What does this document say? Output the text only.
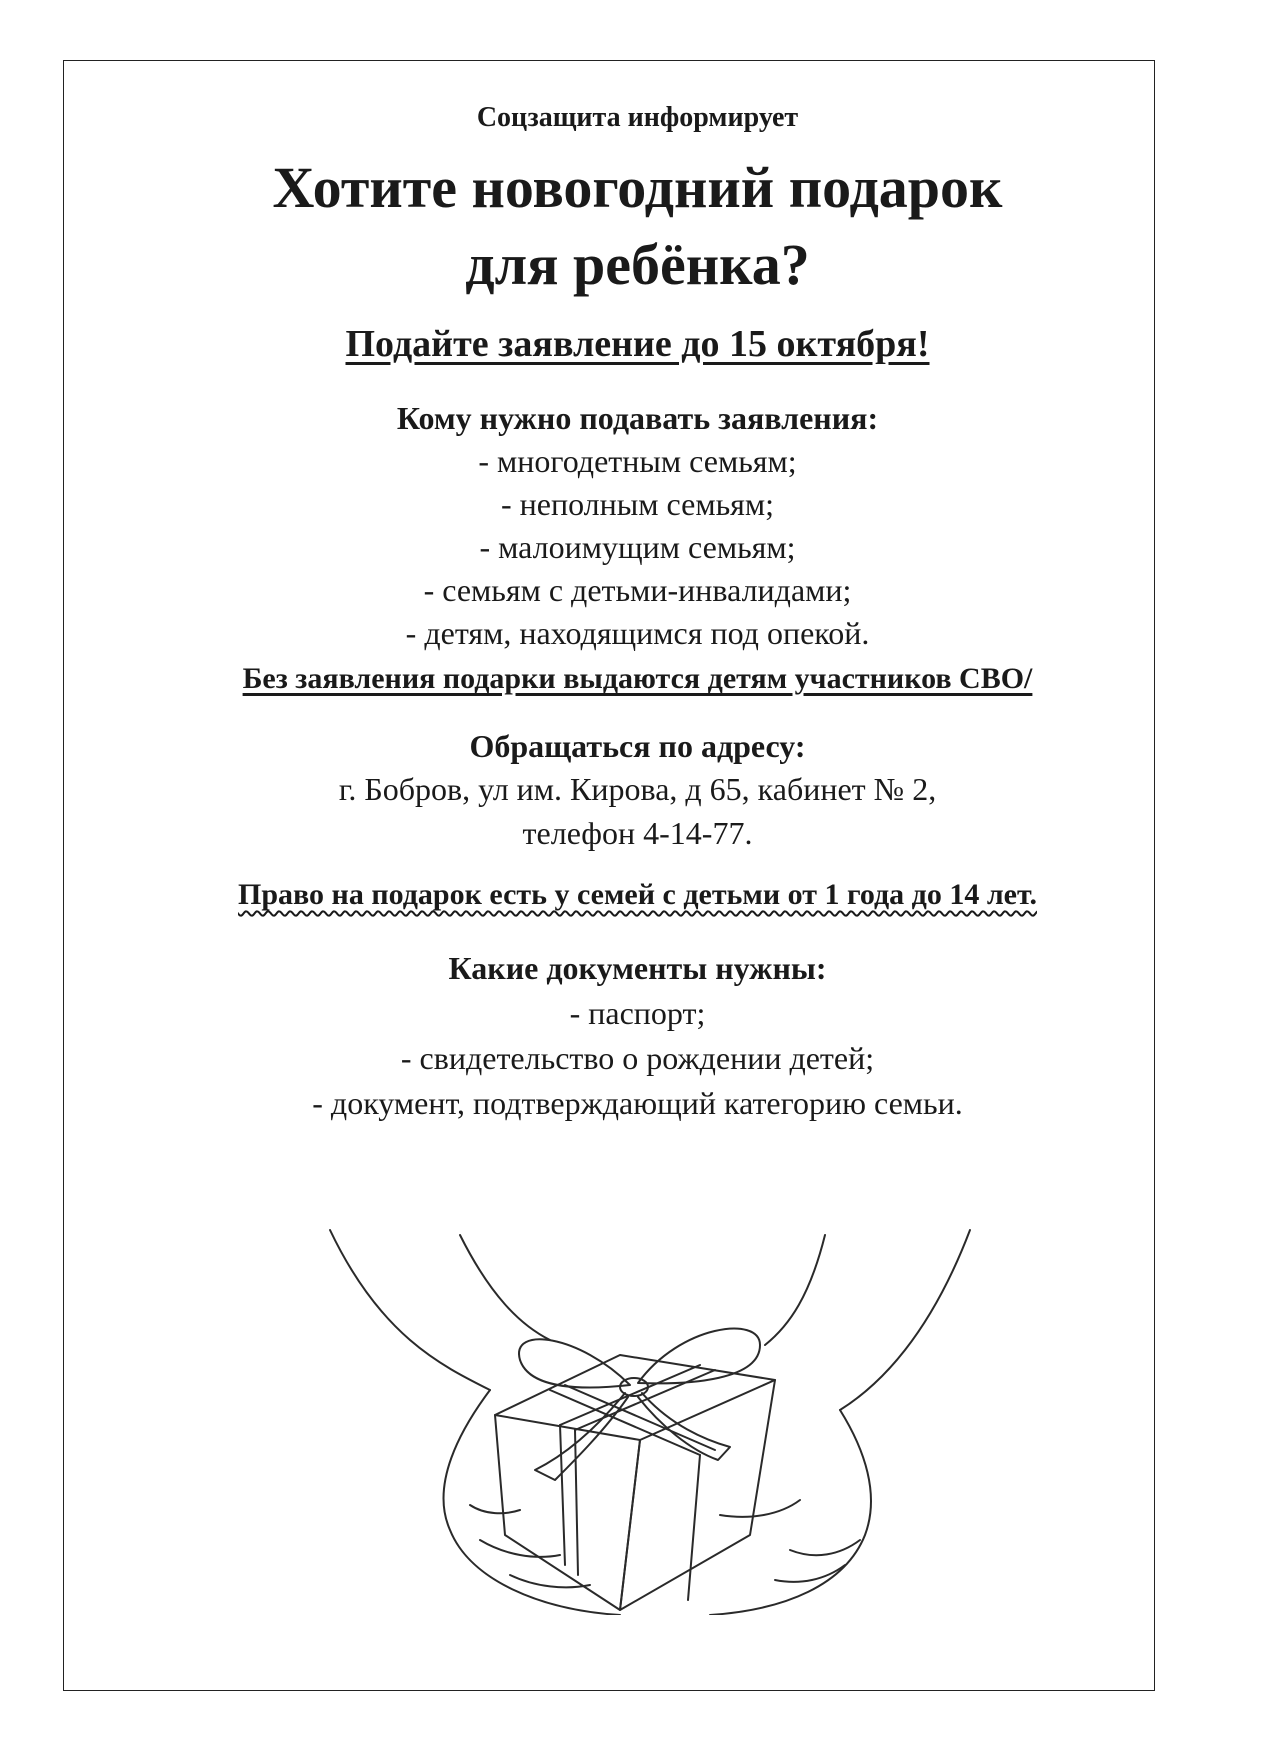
Соцзащита информирует
Хотите новогодний подарок
для ребёнка?
Подайте заявление до 15 октября!
Кому нужно подавать заявления:
- многодетным семьям;
- неполным семьям;
- малоимущим семьям;
- семьям с детьми-инвалидами;
- детям, находящимся под опекой.
Без заявления подарки выдаются детям участников СВО/
Обращаться по адресу:
г. Бобров, ул им. Кирова, д 65, кабинет № 2,
телефон 4-14-77.
Право на подарок есть у семей с детьми от 1 года до 14 лет.
Какие документы нужны:
- паспорт;
- свидетельство о рождении детей;
- документ, подтверждающий категорию семьи.
